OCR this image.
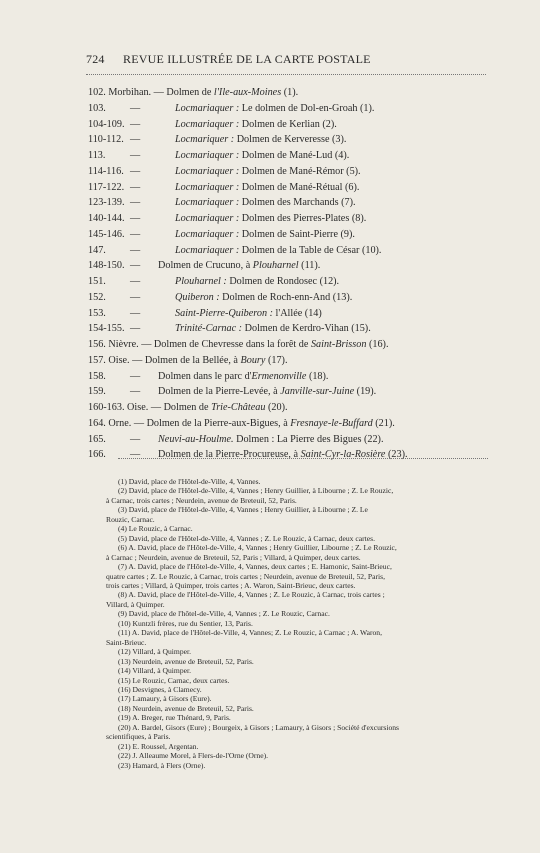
724 REVUE ILLUSTRÉE DE LA CARTE POSTALE
102. Morbihan. — Dolmen de l'Ile-aux-Moines (1).
103. —	Locmariaquer : Le dolmen de Dol-en-Groah (1).
104-109. —	Locmariaquer : Dolmen de Kerlian (2).
110-112. —	Locmariquer : Dolmen de Kerveresse (3).
113. —	Locmariaquer : Dolmen de Mané-Lud (4).
114-116. —	Locmariaquer : Dolmen de Mané-Rémor (5).
117-122. —	Locmariaquer : Dolmen de Mané-Rétual (6).
123-139. —	Locmariaquer : Dolmen des Marchands (7).
140-144. —	Locmariaquer : Dolmen des Pierres-Plates (8).
145-146. —	Locmariaquer : Dolmen de Saint-Pierre (9).
147. —	Locmariaquer : Dolmen de la Table de César (10).
148-150. — Dolmen de Crucuno, à Plouharnel (11).
151. —	Plouharnel : Dolmen de Rondosec (12).
152. —	Quiberon : Dolmen de Roch-enn-And (13).
153. —	Saint-Pierre-Quiberon : l'Allée (14)
154-155. —	Trinité-Carnac : Dolmen de Kerdro-Vihan (15).
156. Nièvre. — Dolmen de Chevresse dans la forêt de Saint-Brisson (16).
157. Oise. — Dolmen de la Bellée, à Boury (17).
158. — Dolmen dans le parc d'Ermenonville (18).
159. — Dolmen de la Pierre-Levée, à Janville-sur-Juine (19).
160-163. Oise. — Dolmen de Trie-Château (20).
164. Orne. — Dolmen de la Pierre-aux-Bigues, à Fresnaye-le-Buffard (21).
165. — Neuvi-au-Houlme. Dolmen : La Pierre des Bigues (22).
166. — Dolmen de la Pierre-Procureuse, à Saint-Cyr-la-Rosière (23).

(1) David, place de l'Hôtel-de-Ville, 4, Vannes.

(2) David, place de l'Hôtel-de-Ville, 4, Vannes ; Henry Guillier, à Libourne ; Z. Le Rouzic,

à Carnac, trois cartes ; Neurdein, avenue de Breteuil, 52, Paris.

(3) David, place de l'Hôtel-de-Ville, 4, Vannes ; Henry Guillier, à Libourne ; Z. Le

Rouzic, Carnac.

(4) Le Rouzic, à Carnac.

(5) David, place de l'Hôtel-de-Ville, 4, Vannes ; Z. Le Rouzic, à Carnac, deux cartes.

(6) A. David, place de l'Hôtel-de-Ville, 4, Vannes ; Henry Guillier, Libourne ; Z. Le Rouzic,

à Carnac ; Neurdein, avenue de Breteuil, 52, Paris ; Villard, à Quimper, deux cartes.

(7) A. David, place de l'Hôtel-de-Ville, 4, Vannes, deux cartes ; E. Hamonic, Saint-Brieuc,

quatre cartes ; Z. Le Rouzic, à Carnac, trois cartes ; Neurdein, avenue de Breteuil, 52, Paris,

trois cartes ; Villard, à Quimper, trois cartes ; A. Waron, Saint-Brieuc, deux cartes.

(8) A. David, place de l'Hôtel-de-Ville, 4, Vannes ; Z. Le Rouzic, à Carnac, trois cartes ;

Villard, à Quimper.

(9) David, place de l'hôtel-de-Ville, 4, Vannes ; Z. Le Rouzic, Carnac.

(10) Kuntzli frères, rue du Sentier, 13, Paris.

(11) A. David, place de l'Hôtel-de-Ville, 4, Vannes; Z. Le Rouzic, à Carnac ; A. Waron,

Saint-Brieuc.

(12) Villard, à Quimper.

(13) Neurdein, avenue de Breteuil, 52, Paris.

(14) Villard, à Quimper.

(15) Le Rouzic, Carnac, deux cartes.

(16) Desvignes, à Clamecy.

(17) Lamaury, à Gisors (Eure).

(18) Neurdein, avenue de Breteuil, 52, Paris.

(19) A. Breger, rue Thénard, 9, Paris.

(20) A. Bardel, Gisors (Eure) ; Bourgeix, à Gisors ; Lamaury, à Gisors ; Société d'excursions

scientifiques, à Paris.

(21) E. Roussel, Argentan.

(22) J. Alleaume Morel, à Flers-de-l'Orne (Orne).

(23) Hamard, à Flers (Orne).
